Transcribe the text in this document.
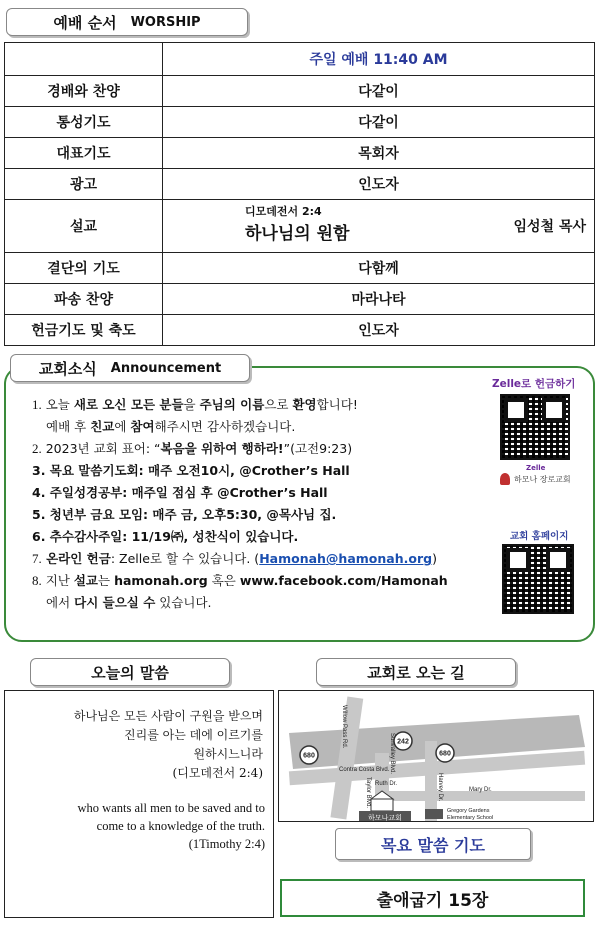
예배 순서 WORSHIP
	주일 예배 11:40 AM
경배와 찬양	다같이
통성기도	다같이
대표기도	목회자
광고	인도자
설교	디모데전서 2:4
하나님의 원함 임성철 목사

결단의 기도	다함께
파송 찬양	마라나타
헌금기도 및 축도	인도자
1. 오늘 새로 오신 모든 분들을 주님의 이름으로 환영합니다!
예배 후 친교에 참여해주시면 감사하겠습니다.
2. 2023년 교회 표어: “복음을 위하여 행하라!”(고전9:23)
3. 목요 말씀기도회: 매주 오전10시, @Crother’s Hall
4. 주일성경공부: 매주일 점심 후 @Crother’s Hall
5. 청년부 금요 모임: 매주 금, 오후5:30, @목사님 집.
6. 추수감사주일: 11/19㈜, 성찬식이 있습니다.
7. 온라인 헌금: Zelle로 할 수 있습니다. (Hamonah@hamonah.org)
8. 지난 설교는 hamonah.org 혹은 www.facebook.com/Hamonah
에서 다시 들으실 수 있습니다.
Zelle로 헌금하기
Zelle
하모나 장로교회
교회 홈페이지
교회소식 Announcement
오늘의 말씀
하나님은 모든 사람이 구원을 받으며
진리를 아는 데에 이르기를
원하시느니라
(디모데전서 2:4)
who wants all men to be saved and to
come to a knowledge of the truth.
(1Timothy 2:4)
교회로 오는 길
Willow Pass Rd.	242
680	680
Sunvalley Blvd.
Contra Costa Blvd.
Ruth Dr.
Taylor Blvd.	Harvey Dr.	Mary Dr.
하모나교회
Gregory Gardens
Elementary School
목요 말씀 기도
출애굽기 15장
